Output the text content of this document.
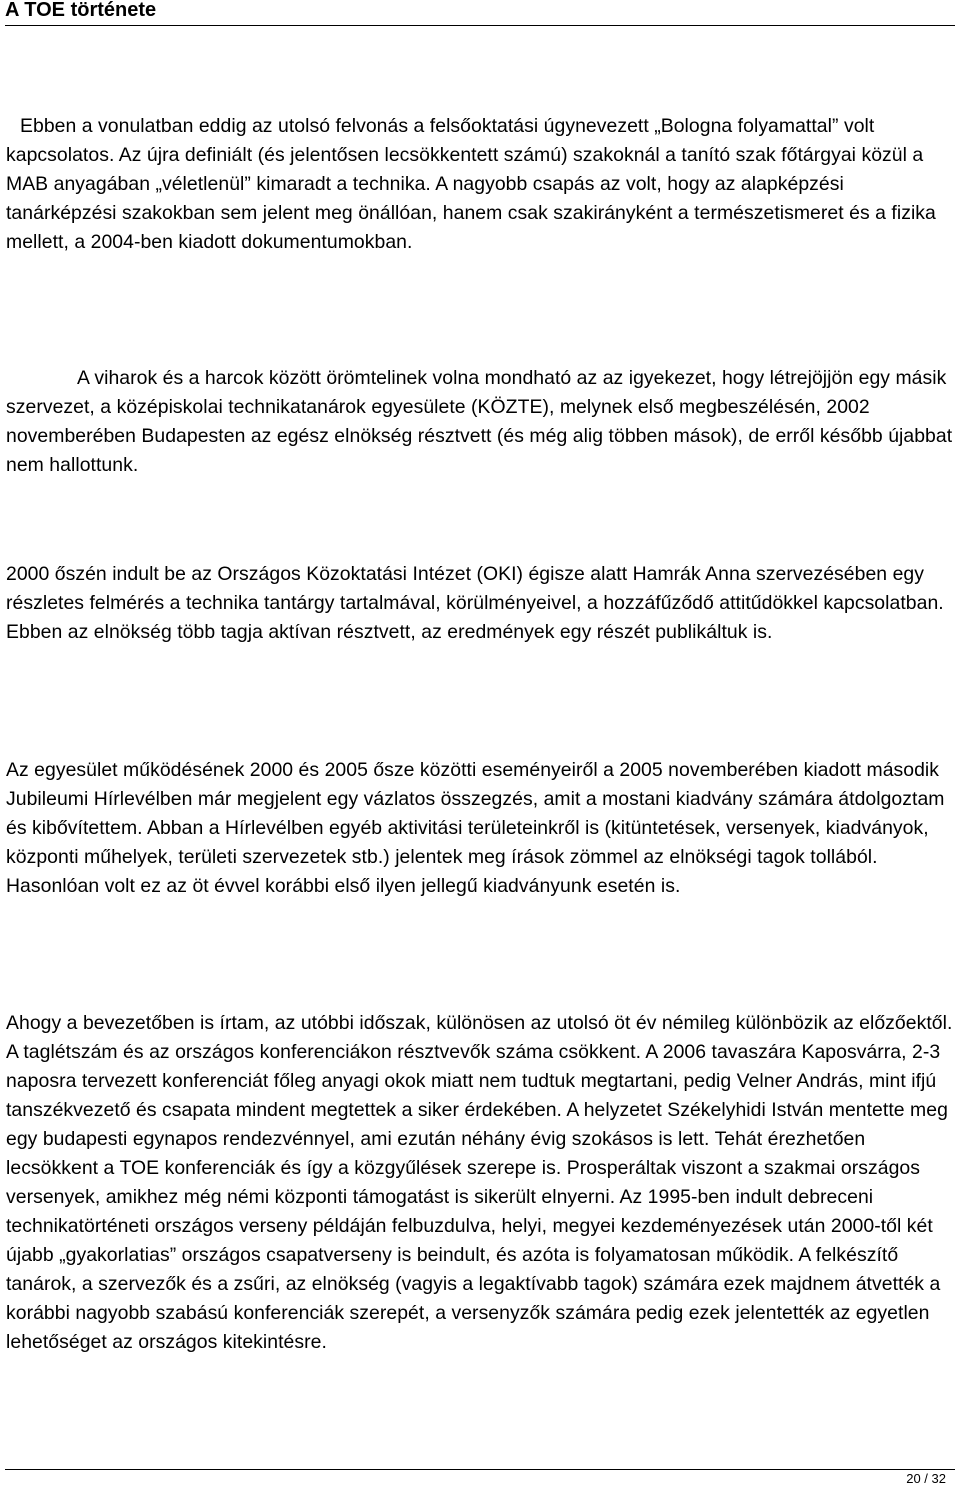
A TOE története

Ebben a vonulatban eddig az utolsó felvonás a felsőoktatási úgynevezett „Bologna folyamattal” volt kapcsolatos. Az újra definiált (és jelentősen lecsökkentett számú) szakoknál a tanító szak főtárgyai közül a MAB anyagában „véletlenül” kimaradt a technika. A nagyobb csapás az volt, hogy az alapképzési tanárképzési szakokban sem jelent meg önállóan, hanem csak szakirányként a természetismeret és a fizika mellett, a 2004-ben kiadott dokumentumokban.

A viharok és a harcok között örömtelinek volna mondható az az igyekezet, hogy létrejöjjön egy másik szervezet, a középiskolai technikatanárok egyesülete (KÖZTE), melynek első megbeszélésén, 2002 novemberében Budapesten az egész elnökség résztvett (és még alig többen mások), de erről később újabbat nem hallottunk.

2000 őszén indult be az Országos Közoktatási Intézet (OKI) égisze alatt Hamrák Anna szervezésében egy részletes felmérés a technika tantárgy tartalmával, körülményeivel, a hozzáfűződő attitűdökkel kapcsolatban. Ebben az elnökség több tagja aktívan résztvett, az eredmények egy részét publikáltuk is.

Az egyesület működésének 2000 és 2005 ősze közötti eseményeiről a 2005 novemberében kiadott második Jubileumi Hírlevélben már megjelent egy vázlatos összegzés, amit a mostani kiadvány számára átdolgoztam és kibővítettem. Abban a Hírlevélben egyéb aktivitási területeinkről is (kitüntetések, versenyek, kiadványok, központi műhelyek, területi szervezetek stb.) jelentek meg írások zömmel az elnökségi tagok tollából. Hasonlóan volt ez az öt évvel korábbi első ilyen jellegű kiadványunk esetén is.

Ahogy a bevezetőben is írtam, az utóbbi időszak, különösen az utolsó öt év némileg különbözik az előzőektől. A taglétszám és az országos konferenciákon résztvevők száma csökkent. A 2006 tavaszára Kaposvárra, 2-3 naposra tervezett konferenciát főleg anyagi okok miatt nem tudtuk megtartani, pedig Velner András, mint ifjú tanszékvezető és csapata mindent megtettek a siker érdekében. A helyzetet Székelyhidi István mentette meg egy budapesti egynapos rendezvénnyel, ami ezután néhány évig szokásos is lett. Tehát érezhetően lecsökkent a TOE konferenciák és így a közgyűlések szerepe is. Prosperáltak viszont a szakmai országos versenyek, amikhez még némi központi támogatást is sikerült elnyerni. Az 1995-ben indult debreceni technikatörténeti országos verseny példáján felbuzdulva, helyi, megyei kezdeményezések után 2000-től két újabb „gyakorlatias” országos csapatverseny is beindult, és azóta is folyamatosan működik. A felkészítő tanárok, a szervezők és a zsűri, az elnökség (vagyis a legaktívabb tagok) számára ezek majdnem átvették a korábbi nagyobb szabású konferenciák szerepét, a versenyzők számára pedig ezek jelentették az egyetlen lehetőséget az országos kitekintésre.

20 / 32
